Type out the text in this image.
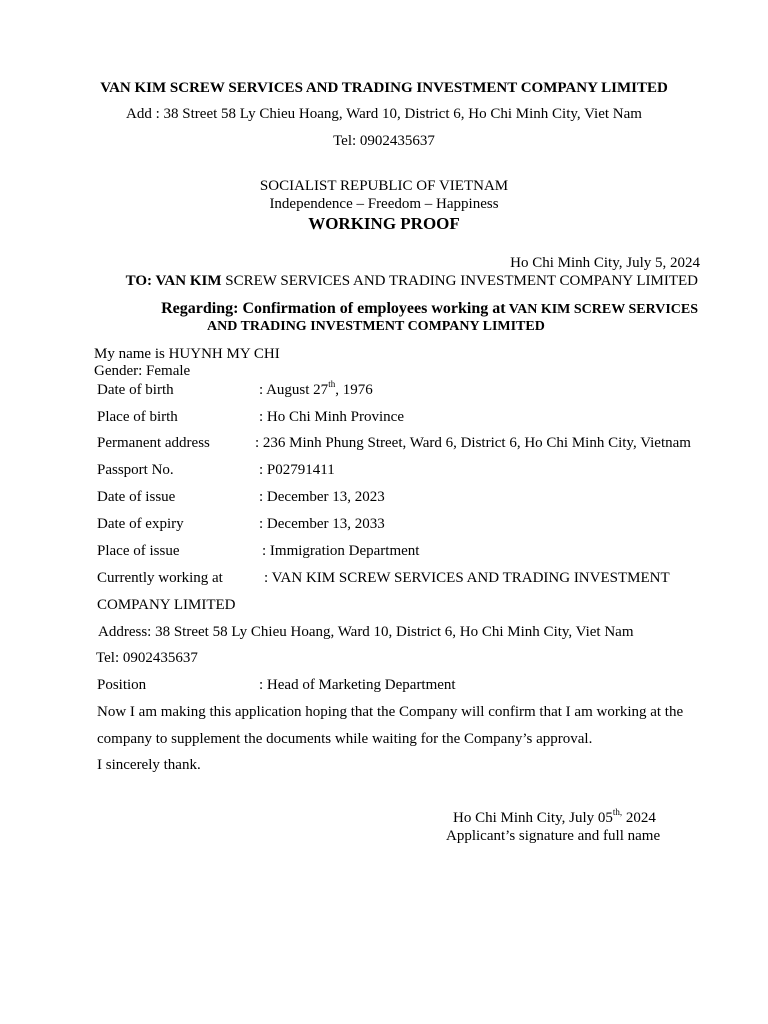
VAN KIM SCREW SERVICES AND TRADING INVESTMENT COMPANY LIMITED
Add : 38 Street 58 Ly Chieu Hoang, Ward 10, District 6, Ho Chi Minh City, Viet Nam
Tel: 0902435637
SOCIALIST REPUBLIC OF VIETNAM
Independence – Freedom – Happiness
WORKING PROOF
Ho Chi Minh City, July 5, 2024
TO: VAN KIM SCREW SERVICES AND TRADING INVESTMENT COMPANY LIMITED
Regarding: Confirmation of employees working at VAN KIM SCREW SERVICES
AND TRADING INVESTMENT COMPANY LIMITED
My name is HUYNH MY CHI
Gender: Female
Date of birth	: August 27th, 1976
Place of birth	: Ho Chi Minh Province
Permanent address	: 236 Minh Phung Street, Ward 6, District 6, Ho Chi Minh City, Vietnam
Passport No.	: P02791411
Date of issue	: December 13, 2023
Date of expiry	: December 13, 2033
Place of issue	: Immigration Department
Currently working at	: VAN KIM SCREW SERVICES AND TRADING INVESTMENT
COMPANY LIMITED
Address: 38 Street 58 Ly Chieu Hoang, Ward 10, District 6, Ho Chi Minh City, Viet Nam
Tel: 0902435637
Position	: Head of Marketing Department
Now I am making this application hoping that the Company will confirm that I am working at the
company to supplement the documents while waiting for the Company’s approval.
I sincerely thank.
Ho Chi Minh City, July $05^{th,}$ 2024
Applicant’s signature and full name
